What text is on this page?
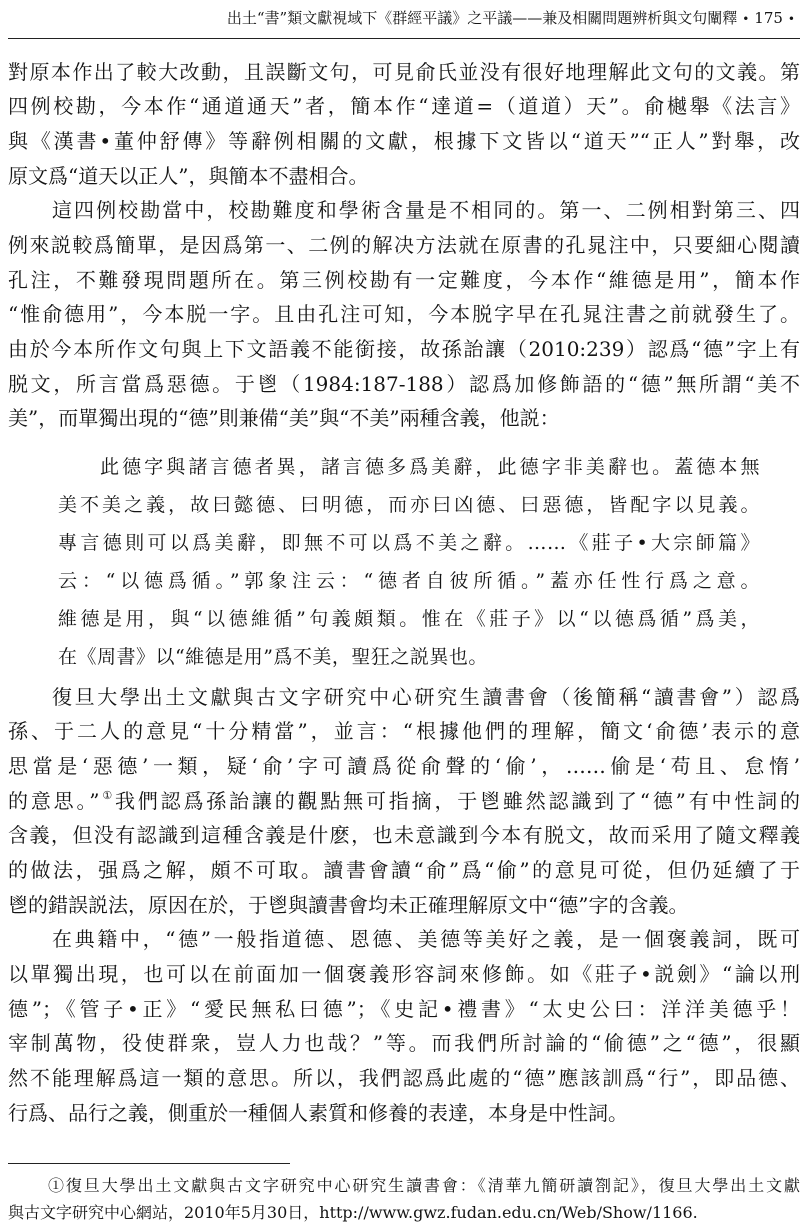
出土“書”類文獻視域下《群經平議》之平議——兼及相關問題辨析與文句闡釋 • 175 •
對原本作出了較大改動，且誤斷文句，可見俞氏並没有很好地理解此文句的文義。第
四例校勘，今本作“通道通天”者，簡本作“達道=（道道）天”。俞樾舉《法言》
與《漢書•董仲舒傳》等辭例相關的文獻，根據下文皆以“道天”“正人”對舉，改
原文爲“道天以正人”，與簡本不盡相合。
這四例校勘當中，校勘難度和學術含量是不相同的。第一、二例相對第三、四
例來説較爲簡單，是因爲第一、二例的解决方法就在原書的孔晁注中，只要細心閱讀
孔注，不難發現問題所在。第三例校勘有一定難度，今本作“維德是用”，簡本作
“惟俞德用”，今本脱一字。且由孔注可知，今本脱字早在孔晁注書之前就發生了。
由於今本所作文句與上下文語義不能銜接，故孫詒讓（2010:239）認爲“德”字上有
脱文，所言當爲惡德。于鬯（1984:187-188）認爲加修飾語的“德”無所謂“美不
美”，而單獨出現的“德”則兼備“美”與“不美”兩種含義，他説：
此德字與諸言德者異，諸言德多爲美辭，此德字非美辭也。蓋德本無
美不美之義，故曰懿德、曰明德，而亦曰凶德、曰惡德，皆配字以見義。
專言德則可以爲美辭，即無不可以爲不美之辭。……《莊子•大宗師篇》
云：“以德爲循。”郭象注云：“德者自彼所循。”蓋亦任性行爲之意。
維德是用，與“以德維循”句義頗類。惟在《莊子》以“以德爲循”爲美，
在《周書》以“維德是用”爲不美，聖狂之説異也。
復旦大學出土文獻與古文字研究中心研究生讀書會（後簡稱“讀書會”）認爲
孫、于二人的意見“十分精當”，並言：“根據他們的理解，簡文‘俞德’表示的意
思當是‘惡德’一類，疑‘俞’字可讀爲從俞聲的‘偷’，……偷是‘苟且、怠惰’
的意思。”①我們認爲孫詒讓的觀點無可指摘，于鬯雖然認識到了“德”有中性詞的
含義，但没有認識到這種含義是什麽，也未意識到今本有脱文，故而采用了隨文釋義
的做法，强爲之解，頗不可取。讀書會讀“俞”爲“偷”的意見可從，但仍延續了于
鬯的錯誤説法，原因在於，于鬯與讀書會均未正確理解原文中“德”字的含義。
在典籍中，“德”一般指道德、恩德、美德等美好之義，是一個褒義詞，既可
以單獨出現，也可以在前面加一個褒義形容詞來修飾。如《莊子•説劍》“論以刑
德”；《管子•正》“愛民無私曰德”；《史記•禮書》“太史公曰：洋洋美德乎！
宰制萬物，役使群衆，豈人力也哉？”等。而我們所討論的“偷德”之“德”，很顯
然不能理解爲這一類的意思。所以，我們認爲此處的“德”應該訓爲“行”，即品德、
行爲、品行之義，側重於一種個人素質和修養的表達，本身是中性詞。
①復旦大學出土文獻與古文字研究中心研究生讀書會：《清華九簡研讀劄記》，復旦大學出土文獻
與古文字研究中心網站，2010年5月30日，http://www.gwz.fudan.edu.cn/Web/Show/1166.
